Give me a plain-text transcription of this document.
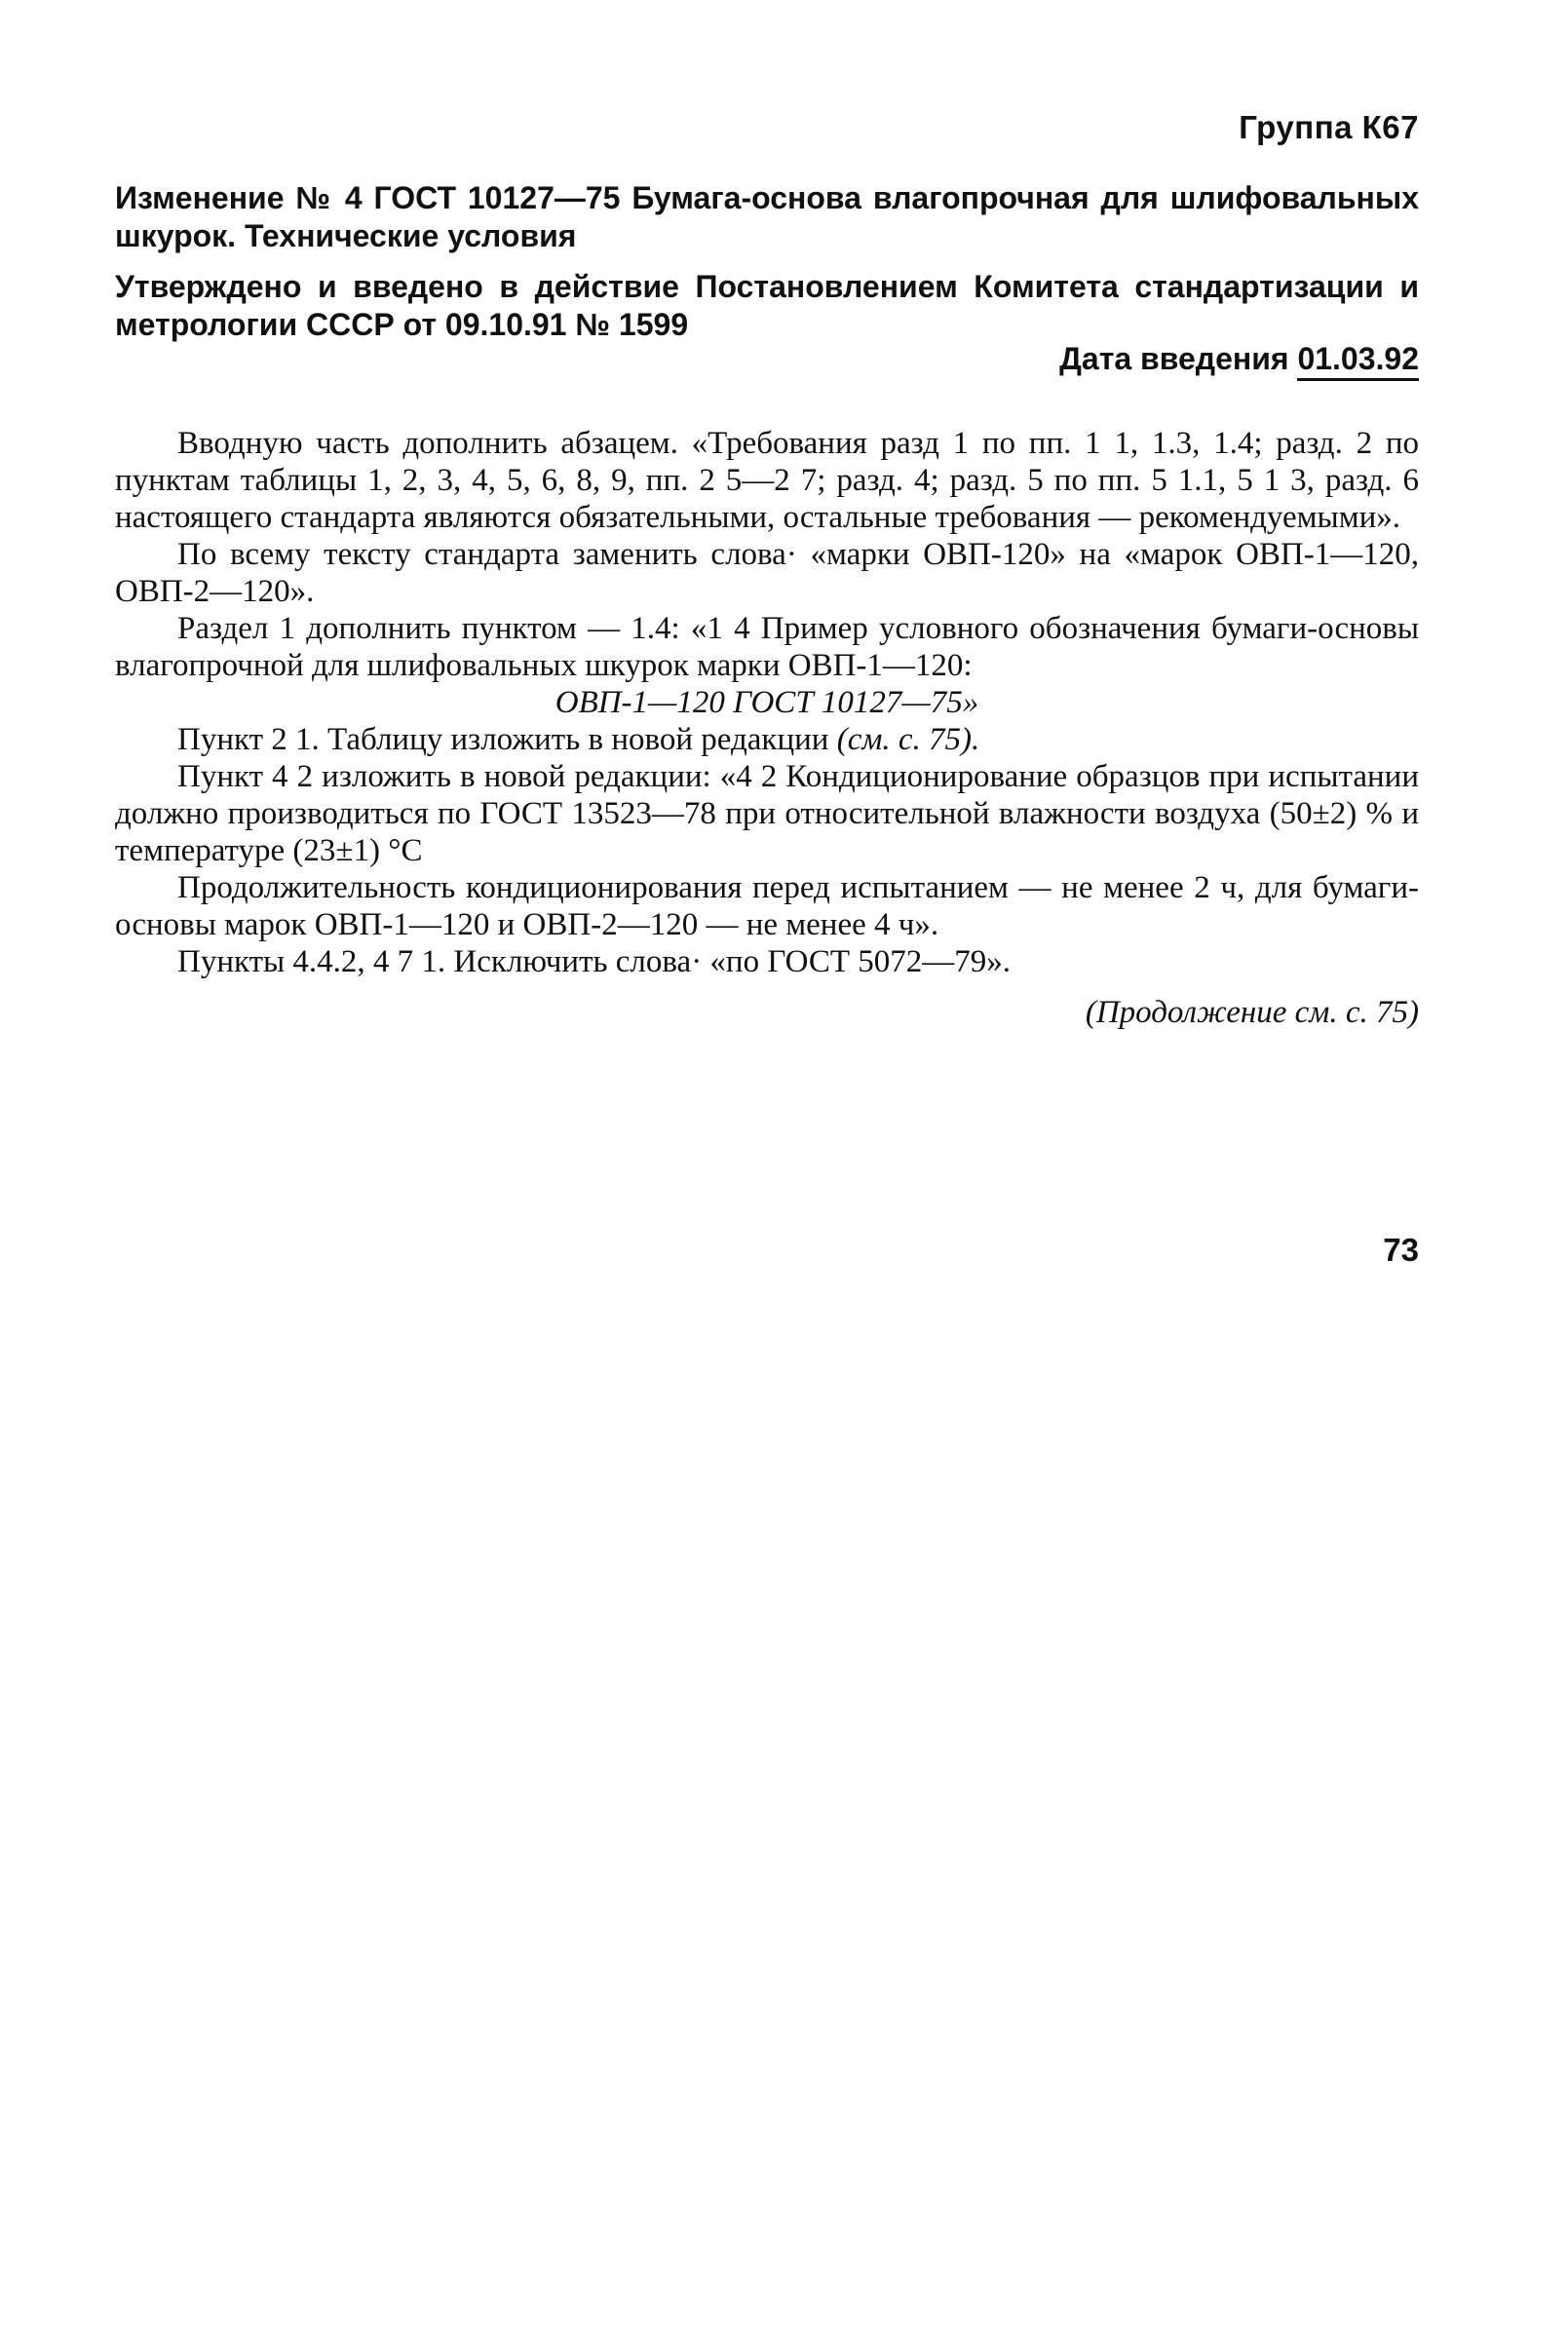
Группа К67
Изменение № 4 ГОСТ 10127—75 Бумага-основа влагопрочная для шлифовальных шкурок. Технические условия
Утверждено и введено в действие Постановлением Комитета стандартизации и метрологии СССР от 09.10.91 № 1599
Дата введения 01.03.92

Вводную часть дополнить абзацем. «Требования разд 1 по пп. 1 1, 1.3, 1.4; разд. 2 по пунктам таблицы 1, 2, 3, 4, 5, 6, 8, 9, пп. 2 5—2 7; разд. 4; разд. 5 по пп. 5 1.1, 5 1 3, разд. 6 настоящего стандарта являются обязательными, остальные требования — рекомендуемыми».

По всему тексту стандарта заменить слова· «марки ОВП-120» на «марок ОВП-1—120, ОВП-2—120».

Раздел 1 дополнить пунктом — 1.4: «1 4 Пример условного обозначения бумаги-основы влагопрочной для шлифовальных шкурок марки ОВП-1—120:

ОВП-1—120 ГОСТ 10127—75»

Пункт 2 1. Таблицу изложить в новой редакции (см. с. 75).

Пункт 4 2 изложить в новой редакции: «4 2 Кондиционирование образцов при испытании должно производиться по ГОСТ 13523—78 при относительной влажности воздуха (50±2) % и температуре (23±1) °С

Продолжительность кондиционирования перед испытанием — не менее 2 ч, для бумаги-основы марок ОВП-1—120 и ОВП-2—120 — не менее 4 ч».

Пункты 4.4.2, 4 7 1. Исключить слова· «по ГОСТ 5072—79».

(Продолжение см. с. 75)

73
